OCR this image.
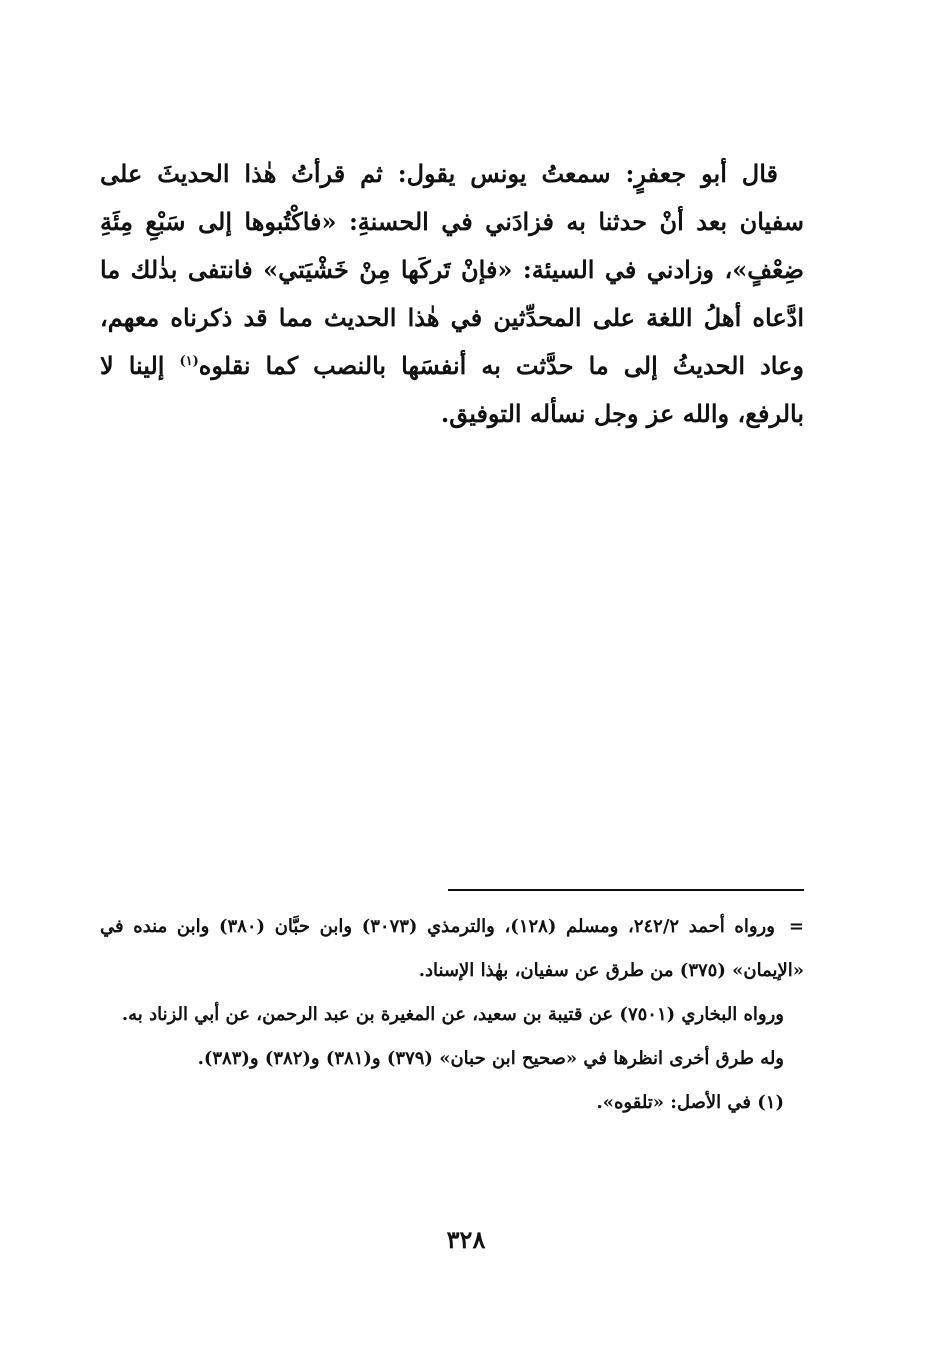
قال أبو جعفرٍ: سمعتُ يونس يقول: ثم قرأتُ هٰذا الحديثَ على سفيان بعد أنْ حدثنا به فزادَني في الحسنةِ: «فاكْتُبوها إلى سَبْعِ مِئَةِ ضِعْفٍ»، وزادني في السيئة: «فإنْ تَركَها مِنْ خَشْيَتي» فانتفى بذٰلك ما ادَّعاه أهلُ اللغة على المحدِّثين في هٰذا الحديث مما قد ذكرناه معهم، وعاد الحديثُ إلى ما حدَّثت به أنفسَها بالنصب كما نقلوه$^{(١)}$ إلينا لا بالرفع، والله عز وجل نسأله التوفيق.

=ورواه أحمد ٢٤٢/٢، ومسلم (١٢٨)، والترمذي (٣٠٧٣) وابن حبَّان (٣٨٠) وابن منده في «الإيمان» (٣٧٥) من طرق عن سفيان، بهٰذا الإسناد.

ورواه البخاري (٧٥٠١) عن قتيبة بن سعيد، عن المغيرة بن عبد الرحمن، عن أبي الزناد به.

وله طرق أخرى انظرها في «صحيح ابن حبان» (٣٧٩) و(٣٨١) و(٣٨٢) و(٣٨٣).

(١) في الأصل: «تلقوه».

٣٢٨
